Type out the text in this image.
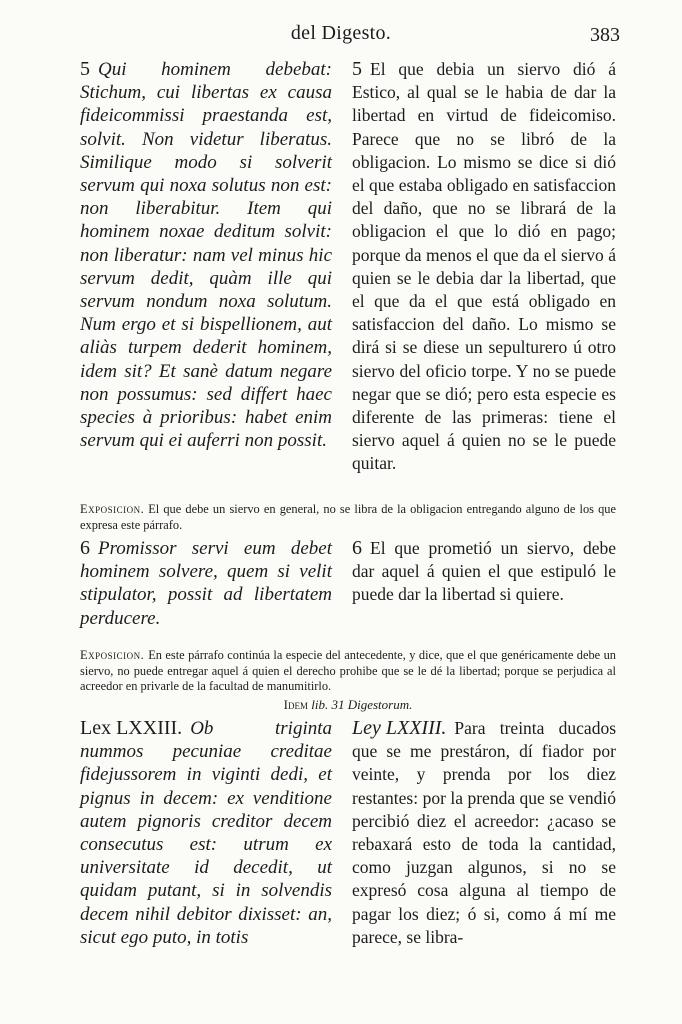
del Digesto.	383

5 Qui hominem debebat: Stichum, cui libertas ex causa fideicommissi praestanda est, solvit. Non videtur liberatus. Similique modo si solverit servum qui noxa solutus non est: non liberabitur. Item qui hominem noxae deditum solvit: non liberatur: nam vel minus hic servum dedit, quàm ille qui servum nondum noxa solutum. Num ergo et si bispellionem, aut aliàs turpem dederit hominem, idem sit? Et sanè datum negare non possumus: sed differt haec species à prioribus: habet enim servum qui ei auferri non possit.

5 El que debia un siervo dió á Estico, al qual se le habia de dar la libertad en virtud de fideicomiso. Parece que no se libró de la obligacion. Lo mismo se dice si dió el que estaba obligado en satisfaccion del daño, que no se librará de la obligacion el que lo dió en pago; porque da menos el que da el siervo á quien se le debia dar la libertad, que el que da el que está obligado en satisfaccion del daño. Lo mismo se dirá si se diese un sepulturero ú otro siervo del oficio torpe. Y no se puede negar que se dió; pero esta especie es diferente de las primeras: tiene el siervo aquel á quien no se le puede quitar.

Exposicion. El que debe un siervo en general, no se libra de la obligacion entregando alguno de los que expresa este párrafo.

6 Promissor servi eum debet hominem solvere, quem si velit stipulator, possit ad libertatem perducere.

6 El que prometió un siervo, debe dar aquel á quien el que estipuló le puede dar la libertad si quiere.

Exposicion. En este párrafo continúa la especie del antecedente, y dice, que el que genéricamente debe un siervo, no puede entregar aquel á quien el derecho prohibe que se le dé la libertad; porque se perjudica al acreedor en privarle de la facultad de manumitirlo.

Idem lib. 31 Digestorum.

Lex LXXIII. Ob triginta nummos pecuniae creditae fidejussorem in viginti dedi, et pignus in decem: ex venditione autem pignoris creditor decem consecutus est: utrum ex universitate id decedit, ut quidam putant, si in solvendis decem nihil debitor dixisset: an, sicut ego puto, in totis

Ley LXXIII. Para treinta ducados que se me prestáron, dí fiador por veinte, y prenda por los diez restantes: por la prenda que se vendió percibió diez el acreedor: ¿acaso se rebaxará esto de toda la cantidad, como juzgan algunos, si no se expresó cosa alguna al tiempo de pagar los diez; ó si, como á mí me parece, se libra-
